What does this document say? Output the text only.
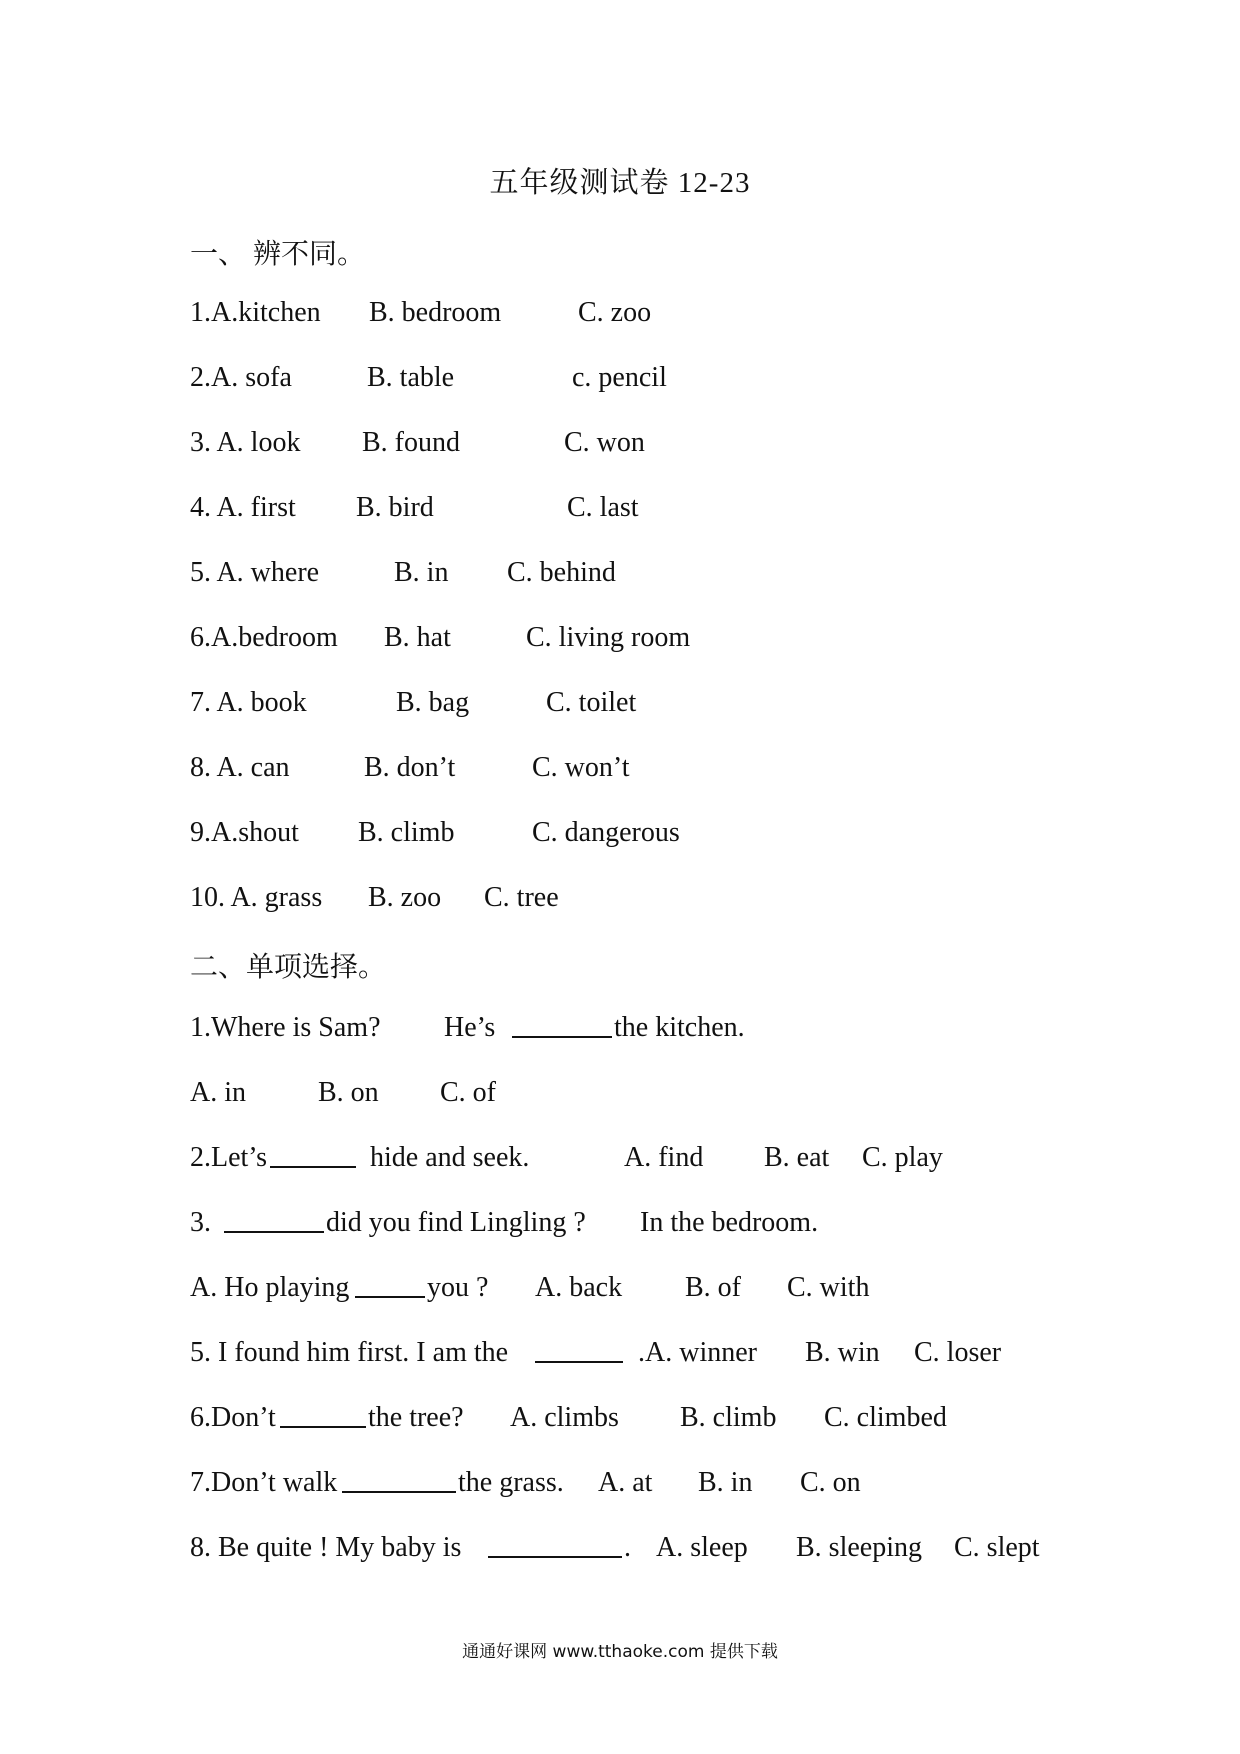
五年级测试卷 12-23
一、 辨不同。
1.A.kitchen B. bedroom	C. zoo
2.A. sofa	B. table	c. pencil
3. A. look B. found	C. won
4. A. first B. bird	C. last
5. A. where	B. in C. behind
6.A.bedroom B. hat	C. living room
7. A. book	B. bag	C. toilet
8. A. can	B. don’t	C. won’t
9.A.shout B. climb	C. dangerous
10. A. grass B. zoo C. tree
二、单项选择。
1.Where is Sam? He’s	the kitchen.
A. in	B. on C. of
2.Let’s	hide and seek.	A. find B. eat C. play
3.	did you find Lingling ? In the bedroom.
A. Ho playing	you ? A. back B. of C. with
5. I found him first. I am the	.A. winner B. win C. loser
6.Don’t	the tree? A. climbs B. climb C. climbed
7.Don’t walk	the grass. A. at B. in C. on
8. Be quite ! My baby is	. A. sleep B. sleeping C. slept
通通好课网 www.tthaoke.com 提供下载
